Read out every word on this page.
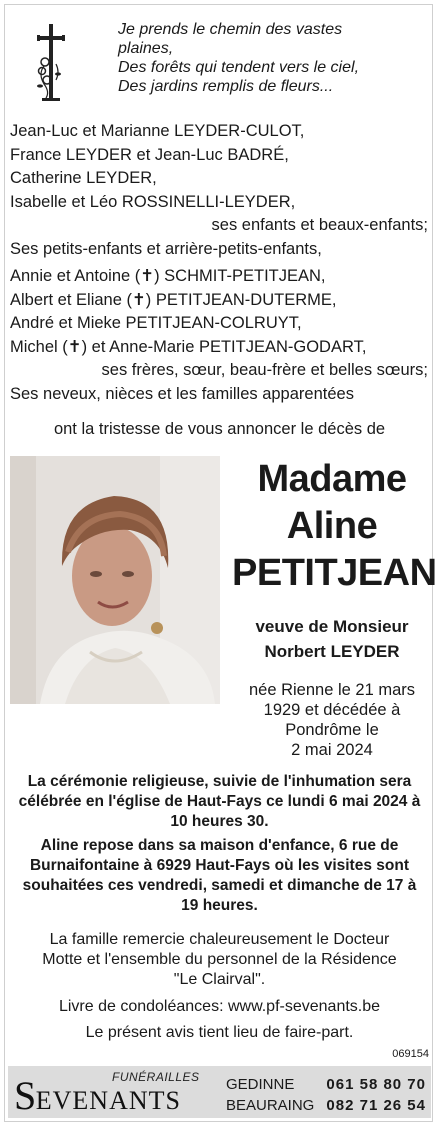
Je prends le chemin des vastes
plaines,
Des forêts qui tendent vers le ciel,
Des jardins remplis de fleurs...
Jean-Luc et Marianne LEYDER-CULOT,
France LEYDER et Jean-Luc BADRÉ,
Catherine LEYDER,
Isabelle et Léo ROSSINELLI-LEYDER,
ses enfants et beaux-enfants;
Ses petits-enfants et arrière-petits-enfants,
Annie et Antoine (✝) SCHMIT-PETITJEAN,
Albert et Eliane (✝) PETITJEAN-DUTERME,
André et Mieke PETITJEAN-COLRUYT,
Michel (✝) et Anne-Marie PETITJEAN-GODART,
ses frères, sœur, beau-frère et belles sœurs;
Ses neveux, nièces et les familles apparentées
ont la tristesse de vous annoncer le décès de
Madame
Aline
PETITJEAN
veuve de Monsieur
Norbert LEYDER
née Rienne le 21 mars
1929 et décédée à
Pondrôme le
2 mai 2024
La cérémonie religieuse, suivie de l'inhumation sera
célébrée en l'église de Haut-Fays ce lundi 6 mai 2024 à
10 heures 30.
Aline repose dans sa maison d'enfance, 6 rue de
Burnaifontaine à 6929 Haut-Fays où les visites sont
souhaitées ces vendredi, samedi et dimanche de 17 à
19 heures.
La famille remercie chaleureusement le Docteur
Motte et l'ensemble du personnel de la Résidence
"Le Clairval".
Livre de condoléances: www.pf-sevenants.be
Le présent avis tient lieu de faire-part.
069154
FUNÉRAILLES
SEVENANTS
GEDINNE 061 58 80 70
BEAURAING 082 71 26 54
